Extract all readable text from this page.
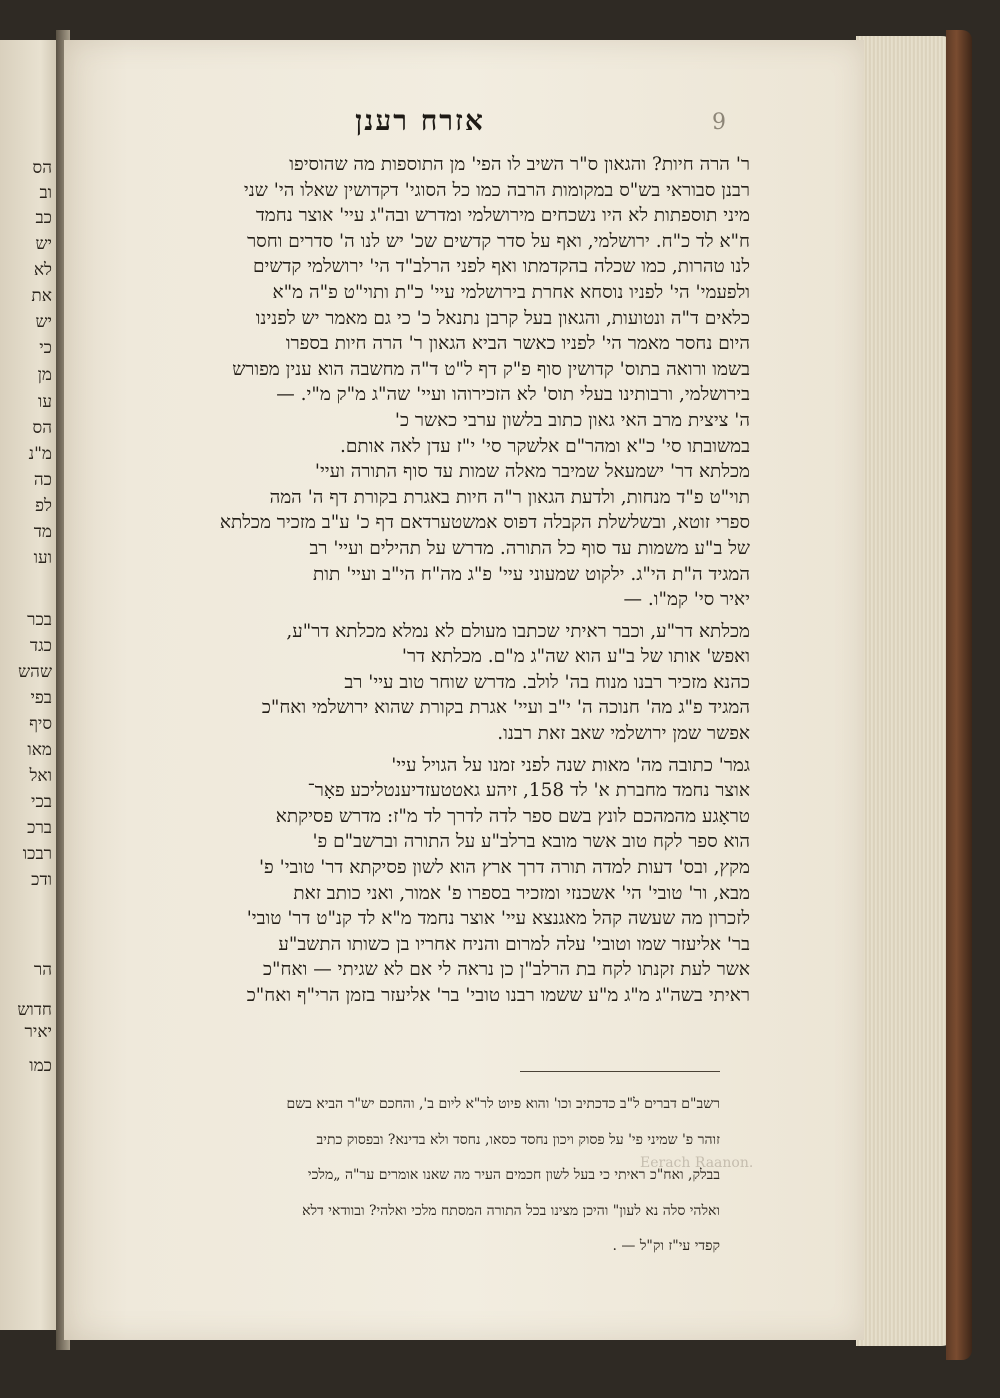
הס
וב
כב
יש
לא
את
יש
כי
מן
עו
הס
מ"נ
כה
לפ
מד
ועו
בכר
כגד
שהש
בפי
סיף
מאו
ואל
בכי
ברכ
רבכו
ודכ
הר
חדוש
יאיר
כמו
אזרח רענן	9

ר' הרה חיות? והגאון ס"ר השיב לו הפי' מן התוספות מה שהוסיפו

רבנן סבוראי בש"ס במקומות הרבה כמו כל הסוגי' דקדושין שאלו הי' שני

מיני תוספתות לא היו נשכחים מירושלמי ומדרש ובה"ג עיי' אוצר נחמד

ח"א לד כ"ח. ירושלמי, ואף על סדר קדשים שכ' יש לנו ה' סדרים וחסר

לנו טהרות, כמו שכלה בהקדמתו ואף לפני הרלב"ד הי' ירושלמי קדשים

ולפעמי' הי' לפניו נוסחא אחרת בירושלמי עיי' כ"ת ותוי"ט פ"ה מ"א

כלאים ד"ה ונטועות, והגאון בעל קרבן נתנאל כ' כי גם מאמר יש לפנינו

היום נחסר מאמר הי' לפניו כאשר הביא הגאון ר' הרה חיות בספרו

בשמו ורואה בתוס' קדושין סוף פ"ק דף ל"ט ד"ה מחשבה הוא ענין מפורש

בירושלמי, ורבותינו בעלי תוס' לא הזכירוהו ועיי' שה"ג מ"ק מ"י. —

ה' ציצית מרב האי גאון כתוב בלשון ערבי כאשר כ'

במשובתו סי' כ"א ומהר"ם אלשקר סי' י"ז עדן לאה אותם.

מכלתא דר' ישמעאל שמיבר מאלה שמות עד סוף התורה ועיי'

תוי"ט פ"ד מנחות, ולדעת הגאון ר"ה חיות באגרת בקורת דף ה' המה

ספרי זוטא, ובשלשלת הקבלה דפוס אמשטערדאם דף כ' ע"ב מזכיר מכלתא

של ב"ע משמות עד סוף כל התורה. מדרש על תהילים ועיי' רב

המגיד ה"ת הי"ג. ילקוט שמעוני עיי' פ"ג מה"ח הי"ב ועיי' תות

יאיר סי' קמ"ו. —

מכלתא דר"ע, וכבר ראיתי שכתבו מעולם לא נמלא מכלתא דר"ע,

ואפש' אותו של ב"ע הוא שה"ג מ"ם. מכלתא דר'

כהנא מזכיר רבנו מנוח בה' לולב. מדרש שוחר טוב עיי' רב

המגיד פ"ג מה' חנוכה ה' י"ב ועיי' אגרת בקורת שהוא ירושלמי ואח"כ

אפשר שמן ירושלמי שאב זאת רבנו.

גמר' כתובה מה' מאות שנה לפני זמנו על הגויל עיי'

אוצר נחמד מחברת א' לד 158, זיהע גאטטעזדיענטליכע פאָר־

טראָגע מהמהכם לונץ בשם ספר לדה לדרך לד מ"ז: מדרש פסיקתא

הוא ספר לקח טוב אשר מובא ברלב"ע על התורה וברשב"ם פ'

מקץ, ובס' דעות למדה תורה דרך ארץ הוא לשון פסיקתא דר' טובי' פ'

מבא, ור' טובי' הי' אשכנזי ומזכיר בספרו פ' אמור, ואני כותב זאת

לזכרון מה שעשה קהל מאגנצא עיי' אוצר נחמד מ"א לד קנ"ט דר' טובי'

בר' אליעזר שמו וטובי' עלה למרום והניח אחריו בן כשותו התשב"ע

אשר לעת זקנתו לקח בת הרלב"ן כן נראה לי אם לא שגיתי — ואח"כ

ראיתי בשה"ג מ"ג מ"ע ששמו רבנו טובי' בר' אליעזר בזמן הרי"ף ואח"כ

רשב"ם דברים ל"ב כדכתיב וכו' והוא פיוט לר"א ליום ב', והחכם יש"ר הביא בשם

זוהר פ' שמיני פי' על פסוק ויכון נחסד כסאו, נחסד ולא בדינא? ובפסוק כתיב

בבלק, ואח"כ ראיתי כי בעל לשון חכמים העיר מה שאנו אומרים ער"ה „מלכי

ואלהי סלה נא לעון" והיכן מצינו בכל התורה המסתח מלכי ואלהי? ובוודאי דלא

קפדי עי"ז וק"ל — .

Eerach Raanon.
